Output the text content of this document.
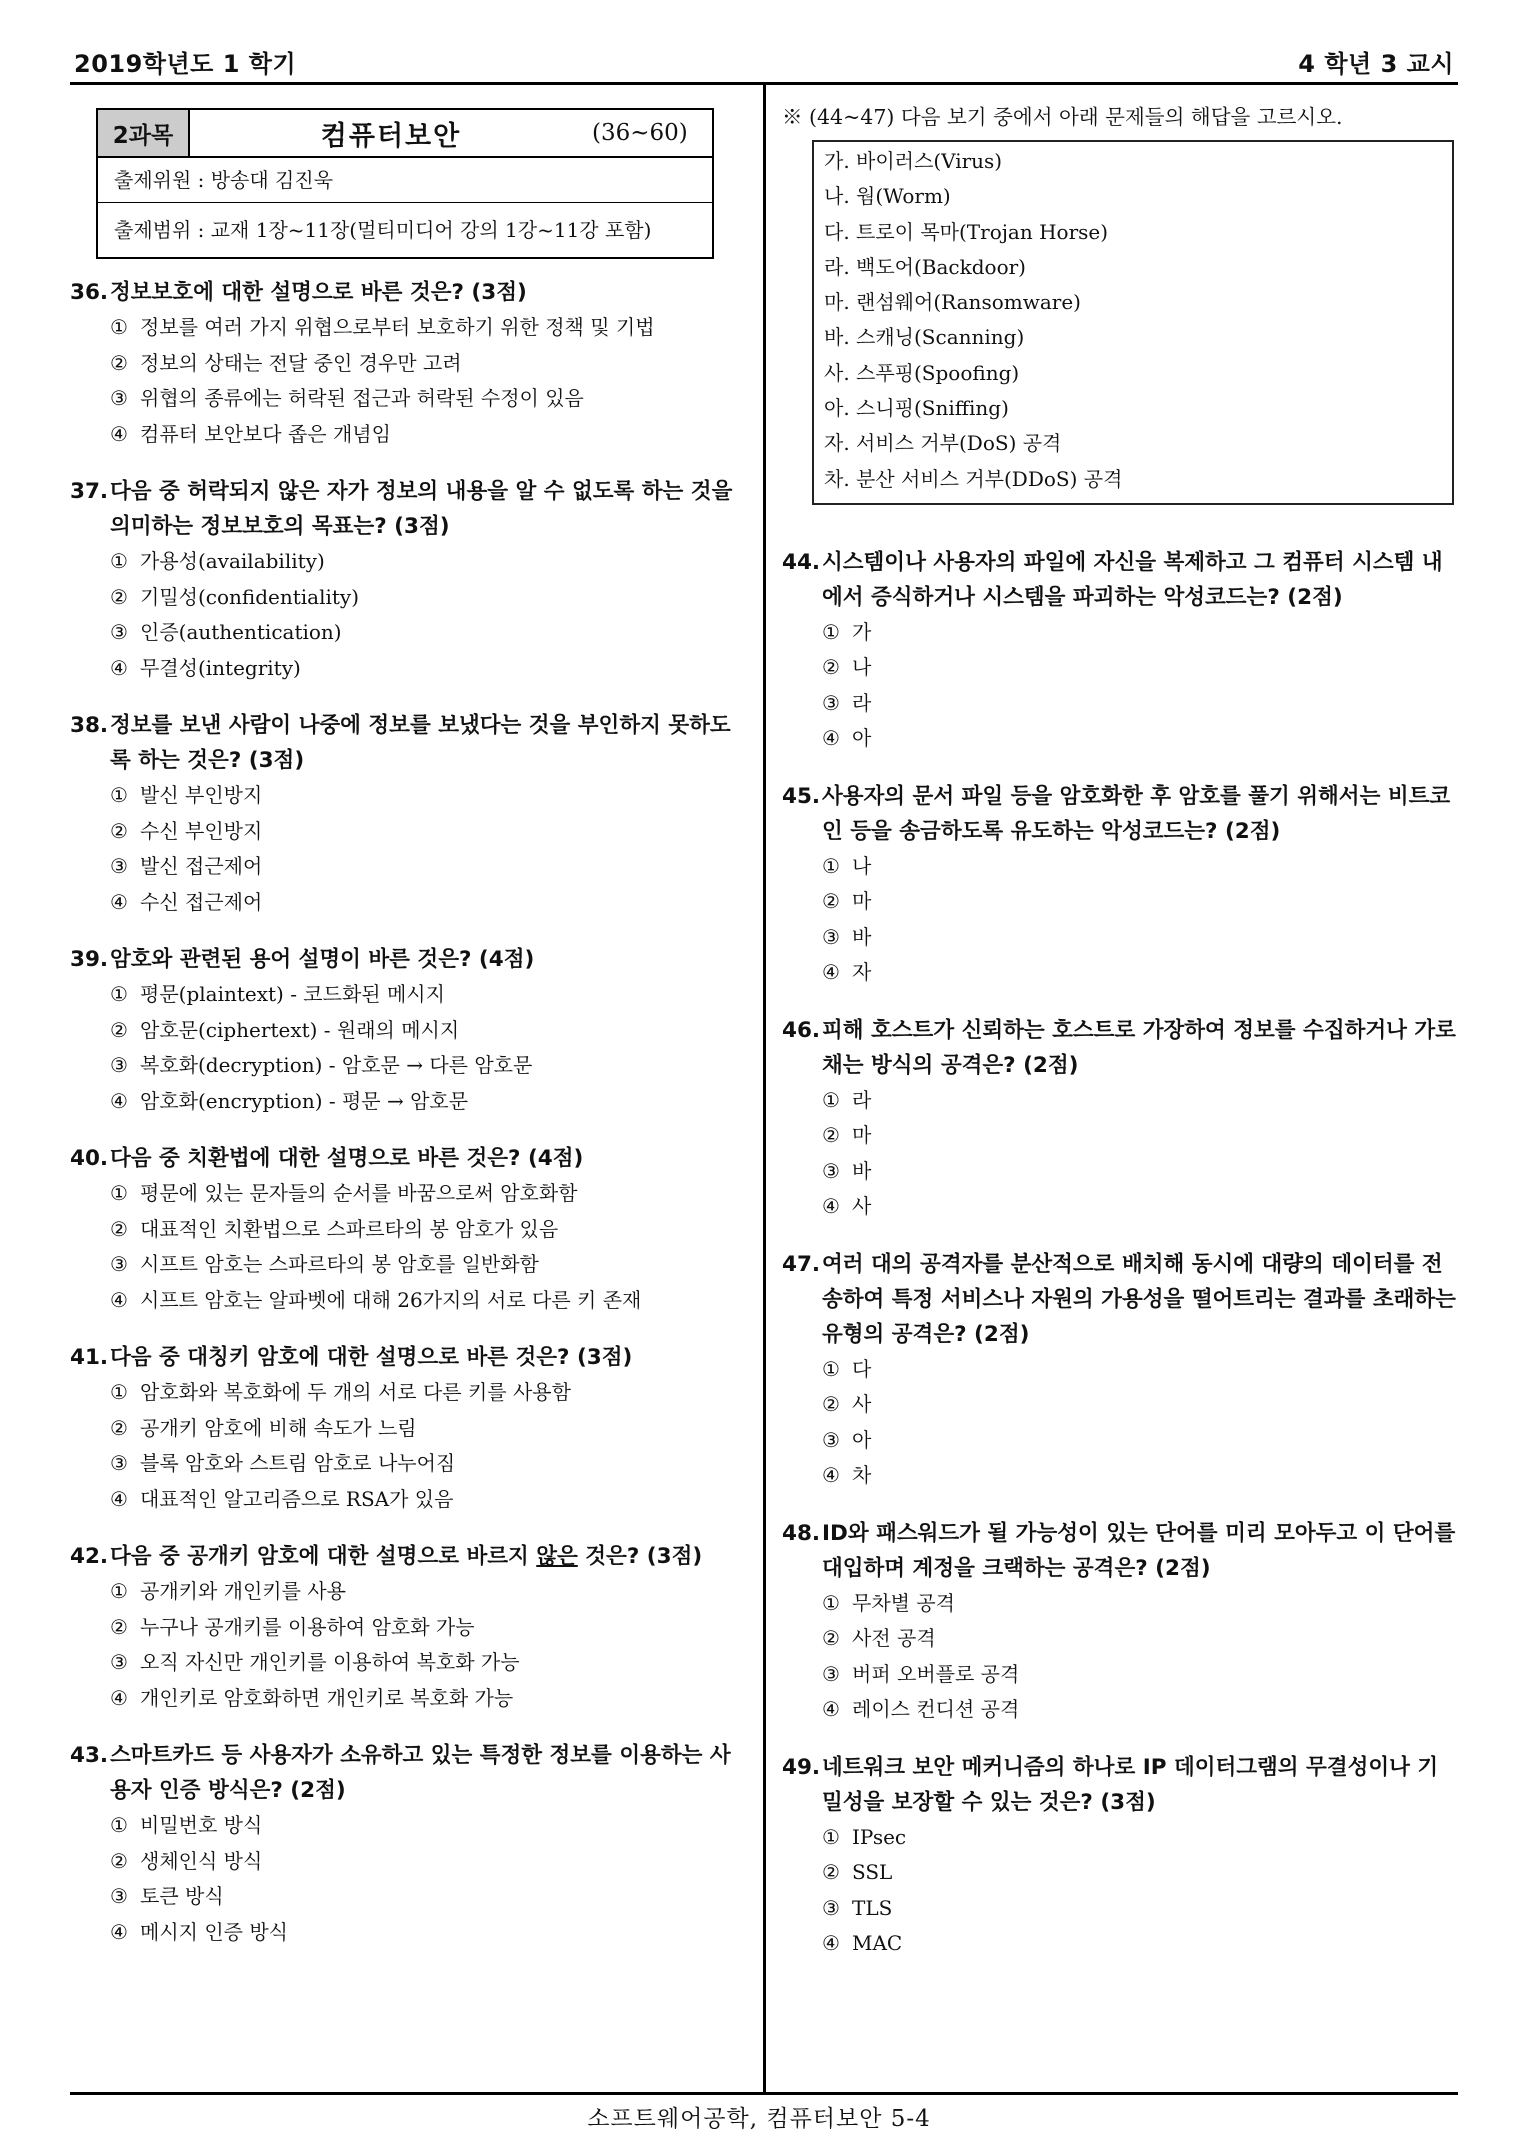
2019학년도 1 학기	4 학년 3 교시
2과목	컴퓨터보안	(36~60)
출제위원 : 방송대 김진욱
출제범위 : 교재 1장~11장(멀티미디어 강의 1강~11강 포함)
36.정보보호에 대한 설명으로 바른 것은? (3점)
① 정보를 여러 가지 위협으로부터 보호하기 위한 정책 및 기법
② 정보의 상태는 전달 중인 경우만 고려
③ 위협의 종류에는 허락된 접근과 허락된 수정이 있음
④ 컴퓨터 보안보다 좁은 개념임
37.다음 중 허락되지 않은 자가 정보의 내용을 알 수 없도록 하는 것을 의미하는 정보보호의 목표는? (3점)
① 가용성(availability)
② 기밀성(confidentiality)
③ 인증(authentication)
④ 무결성(integrity)
38.정보를 보낸 사람이 나중에 정보를 보냈다는 것을 부인하지 못하도록 하는 것은? (3점)
① 발신 부인방지
② 수신 부인방지
③ 발신 접근제어
④ 수신 접근제어
39.암호와 관련된 용어 설명이 바른 것은? (4점)
① 평문(plaintext) - 코드화된 메시지
② 암호문(ciphertext) - 원래의 메시지
③ 복호화(decryption) - 암호문 → 다른 암호문
④ 암호화(encryption) - 평문 → 암호문
40.다음 중 치환법에 대한 설명으로 바른 것은? (4점)
① 평문에 있는 문자들의 순서를 바꿈으로써 암호화함
② 대표적인 치환법으로 스파르타의 봉 암호가 있음
③ 시프트 암호는 스파르타의 봉 암호를 일반화함
④ 시프트 암호는 알파벳에 대해 26가지의 서로 다른 키 존재
41.다음 중 대칭키 암호에 대한 설명으로 바른 것은? (3점)
① 암호화와 복호화에 두 개의 서로 다른 키를 사용함
② 공개키 암호에 비해 속도가 느림
③ 블록 암호와 스트림 암호로 나누어짐
④ 대표적인 알고리즘으로 RSA가 있음
42.다음 중 공개키 암호에 대한 설명으로 바르지 않은 것은? (3점)
① 공개키와 개인키를 사용
② 누구나 공개키를 이용하여 암호화 가능
③ 오직 자신만 개인키를 이용하여 복호화 가능
④ 개인키로 암호화하면 개인키로 복호화 가능
43.스마트카드 등 사용자가 소유하고 있는 특정한 정보를 이용하는 사용자 인증 방식은? (2점)
① 비밀번호 방식
② 생체인식 방식
③ 토큰 방식
④ 메시지 인증 방식
※ (44~47) 다음 보기 중에서 아래 문제들의 해답을 고르시오.
가. 바이러스(Virus)
나. 웜(Worm)
다. 트로이 목마(Trojan Horse)
라. 백도어(Backdoor)
마. 랜섬웨어(Ransomware)
바. 스캐닝(Scanning)
사. 스푸핑(Spoofing)
아. 스니핑(Sniffing)
자. 서비스 거부(DoS) 공격
차. 분산 서비스 거부(DDoS) 공격
44.시스템이나 사용자의 파일에 자신을 복제하고 그 컴퓨터 시스템 내에서 증식하거나 시스템을 파괴하는 악성코드는? (2점)
① 가
② 나
③ 라
④ 아
45.사용자의 문서 파일 등을 암호화한 후 암호를 풀기 위해서는 비트코인 등을 송금하도록 유도하는 악성코드는? (2점)
① 나
② 마
③ 바
④ 자
46.피해 호스트가 신뢰하는 호스트로 가장하여 정보를 수집하거나 가로채는 방식의 공격은? (2점)
① 라
② 마
③ 바
④ 사
47.여러 대의 공격자를 분산적으로 배치해 동시에 대량의 데이터를 전송하여 특정 서비스나 자원의 가용성을 떨어트리는 결과를 초래하는 유형의 공격은? (2점)
① 다
② 사
③ 아
④ 차
48.ID와 패스워드가 될 가능성이 있는 단어를 미리 모아두고 이 단어를 대입하며 계정을 크랙하는 공격은? (2점)
① 무차별 공격
② 사전 공격
③ 버퍼 오버플로 공격
④ 레이스 컨디션 공격
49.네트워크 보안 메커니즘의 하나로 IP 데이터그램의 무결성이나 기밀성을 보장할 수 있는 것은? (3점)
① IPsec
② SSL
③ TLS
④ MAC
소프트웨어공학, 컴퓨터보안 5-4
